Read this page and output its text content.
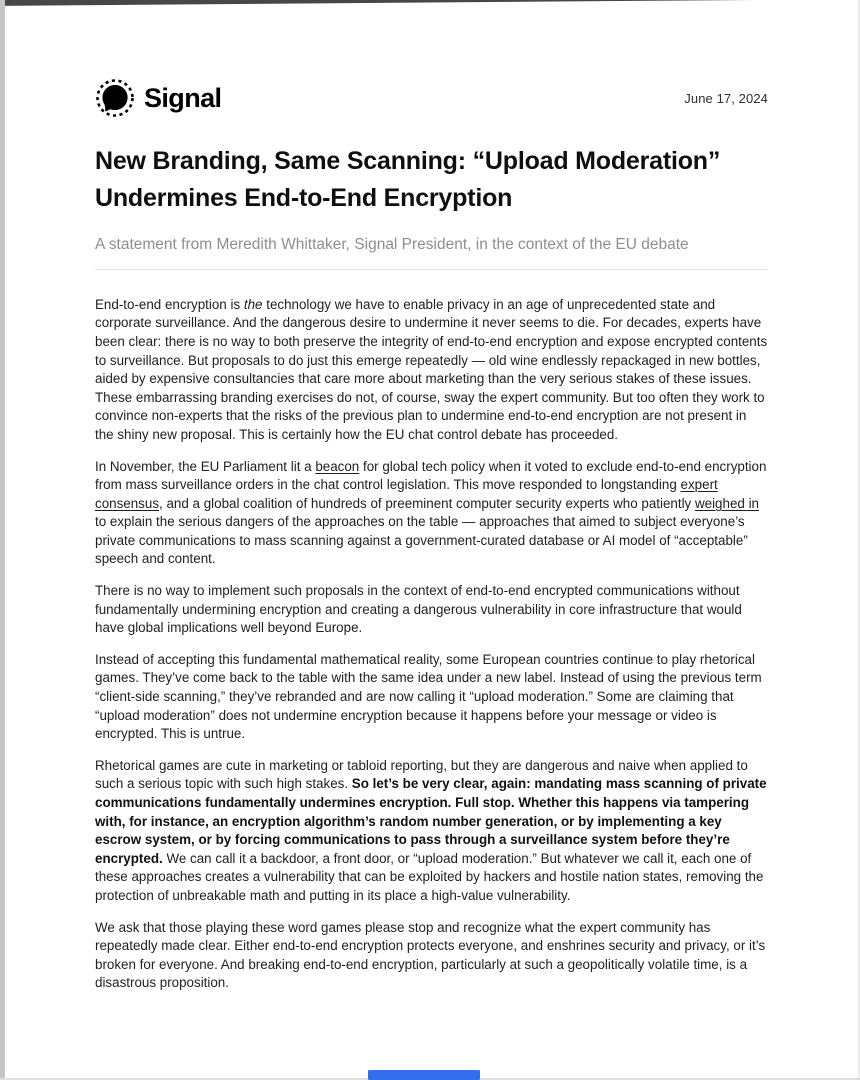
Signal	June 17, 2024
New Branding, Same Scanning: “Upload Moderation”
Undermines End-to-End Encryption
A statement from Meredith Whittaker, Signal President, in the context of the EU debate

End-to-end encryption is the technology we have to enable privacy in an age of unprecedented state and corporate surveillance. And the dangerous desire to undermine it never seems to die. For decades, experts have been clear: there is no way to both preserve the integrity of end-to-end encryption and expose encrypted contents to surveillance. But proposals to do just this emerge repeatedly — old wine endlessly repackaged in new bottles, aided by expensive consultancies that care more about marketing than the very serious stakes of these issues. These embarrassing branding exercises do not, of course, sway the expert community. But too often they work to convince non-experts that the risks of the previous plan to undermine end-to-end encryption are not present in the shiny new proposal. This is certainly how the EU chat control debate has proceeded.

In November, the EU Parliament lit a beacon for global tech policy when it voted to exclude end-to-end encryption from mass surveillance orders in the chat control legislation. This move responded to longstanding expert consensus, and a global coalition of hundreds of preeminent computer security experts who patiently weighed in to explain the serious dangers of the approaches on the table — approaches that aimed to subject everyone’s private communications to mass scanning against a government-curated database or AI model of “acceptable” speech and content.

There is no way to implement such proposals in the context of end-to-end encrypted communications without fundamentally undermining encryption and creating a dangerous vulnerability in core infrastructure that would have global implications well beyond Europe.

Instead of accepting this fundamental mathematical reality, some European countries continue to play rhetorical games. They’ve come back to the table with the same idea under a new label. Instead of using the previous term “client-side scanning,” they’ve rebranded and are now calling it “upload moderation.” Some are claiming that “upload moderation” does not undermine encryption because it happens before your message or video is encrypted. This is untrue.

Rhetorical games are cute in marketing or tabloid reporting, but they are dangerous and naive when applied to such a serious topic with such high stakes. So let’s be very clear, again: mandating mass scanning of private communications fundamentally undermines encryption. Full stop. Whether this happens via tampering with, for instance, an encryption algorithm’s random number generation, or by implementing a key escrow system, or by forcing communications to pass through a surveillance system before they’re encrypted. We can call it a backdoor, a front door, or “upload moderation.” But whatever we call it, each one of these approaches creates a vulnerability that can be exploited by hackers and hostile nation states, removing the protection of unbreakable math and putting in its place a high-value vulnerability.

We ask that those playing these word games please stop and recognize what the expert community has repeatedly made clear. Either end-to-end encryption protects everyone, and enshrines security and privacy, or it’s broken for everyone. And breaking end-to-end encryption, particularly at such a geopolitically volatile time, is a disastrous proposition.
